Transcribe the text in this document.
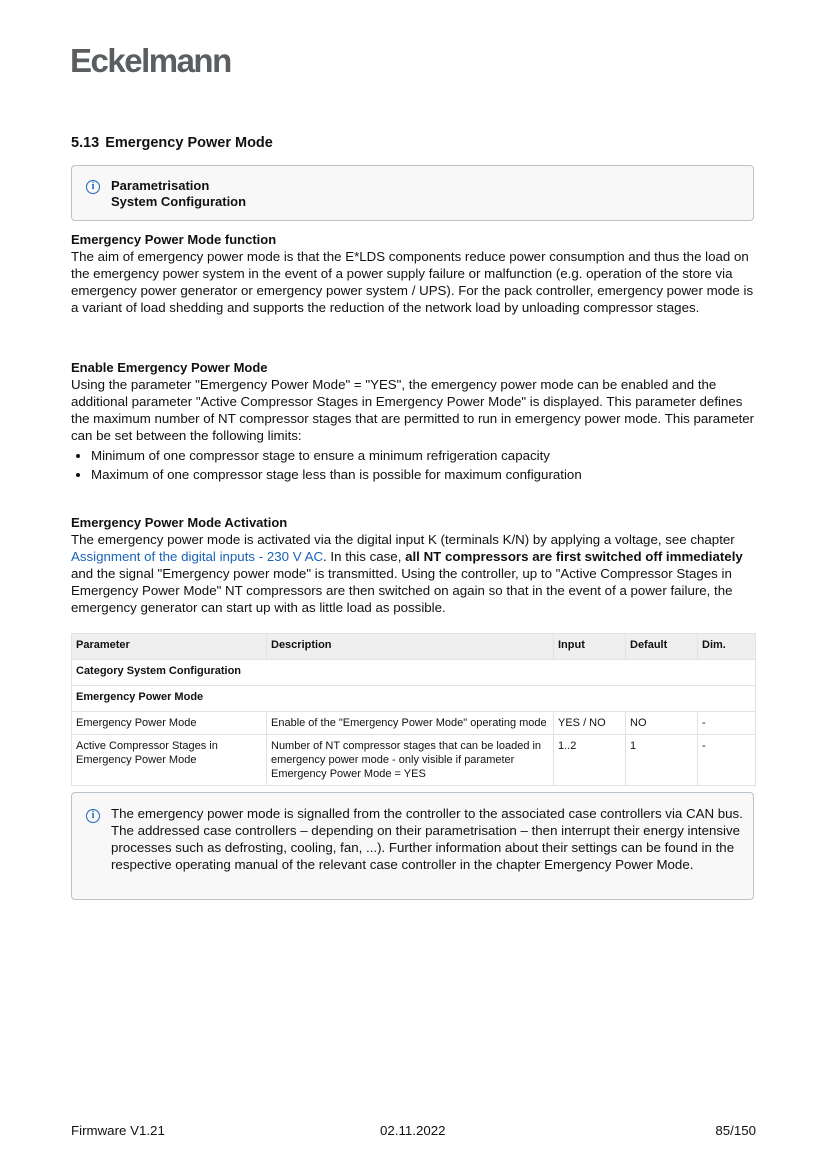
Eckelmann
5.13 Emergency Power Mode
i	Parametrisation
System Configuration
Emergency Power Mode function

The aim of emergency power mode is that the E*LDS components reduce power consumption and thus the load on the emergency power system in the event of a power supply failure or malfunction (e.g. operation of the store via emergency power generator or emergency power system / UPS). For the pack controller, emergency power mode is a variant of load shedding and supports the reduction of the network load by unloading compressor stages.

Enable Emergency Power Mode

Using the parameter "Emergency Power Mode" = "YES", the emergency power mode can be enabled and the additional parameter "Active Compressor Stages in Emergency Power Mode" is displayed. This parameter defines the maximum number of NT compressor stages that are permitted to run in emergency power mode. This parameter can be set between the following limits:

• Minimum of one compressor stage to ensure a minimum refrigeration capacity
• Maximum of one compressor stage less than is possible for maximum configuration
Emergency Power Mode Activation

The emergency power mode is activated via the digital input K (terminals K/N) by applying a voltage, see chapter Assignment of the digital inputs - 230 V AC. In this case, all NT compressors are first switched off immediately and the signal "Emergency power mode" is transmitted. Using the controller, up to "Active Compressor Stages in Emergency Power Mode" NT compressors are then switched on again so that in the event of a power failure, the emergency generator can start up with as little load as possible.

Parameter	Description	Input	Default	Dim.
Category System Configuration				
Emergency Power Mode				
Emergency Power Mode	Enable of the "Emergency Power Mode" operating mode	YES / NO	NO	-
Active Compressor Stages in Emergency Power Mode	Number of NT compressor stages that can be loaded in emergency power mode - only visible if parameter Emergency Power Mode = YES	1..2	1	-
i	The emergency power mode is signalled from the controller to the associated case controllers via CAN bus. The addressed case controllers – depending on their parametrisation – then interrupt their energy intensive processes such as defrosting, cooling, fan, ...). Further information about their settings can be found in the respective operating manual of the relevant case controller in the chapter Emergency Power Mode.
Firmware V1.21	02.11.2022	85/150
